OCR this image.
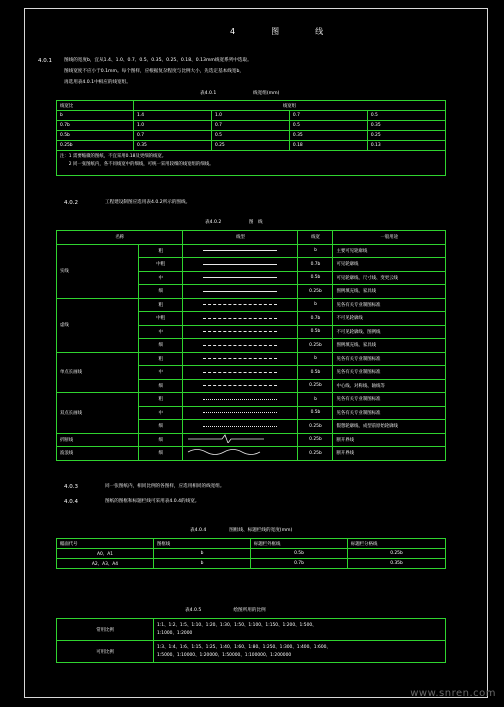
4　图　线
4.0.1	图线的宽度b，宜从1.4、1.0、0.7、0.5、0.35、0.25、0.18、0.13mm线宽系列中选取。
图线宽度不应小于0.1mm。每个图样，应根据复杂程度与比例大小，先选定基本线宽b，
再选用表4.0.1中相应的线宽组。
表4.0.1　　　　　　　　线宽组(mm)
线宽比	线宽组			
b	1.4	1.0	0.7	0.5
0.7b	1.0	0.7	0.5	0.35
0.5b	0.7	0.5	0.35	0.25
0.25b	0.35	0.25	0.18	0.13

注：1 需要缩微的图纸，不宜采用0.18及更细的线宽。
　　2 同一张图纸内，各不同线宽中的细线，可统一采用较细的线宽组的细线。				
4.0.2	工程建设制图应选用表4.0.2所示的图线。
表4.0.2　　　　　　图　线
名称		线型	线宽	一般用途
实线	粗		b	主要可见轮廓线
	中粗		0.7b	可见轮廓线
	中		0.5b	可见轮廓线、尺寸线、变更云线
	细		0.25b	图例填充线、家具线
虚线	粗		b	见各有关专业制图标准
	中粗		0.7b	不可见轮廓线
	中		0.5b	不可见轮廓线、图例线
	细		0.25b	图例填充线、家具线
单点长画线	粗		b	见各有关专业制图标准
	中		0.5b	见各有关专业制图标准
	细		0.25b	中心线、对称线、轴线等
双点长画线	粗		b	见各有关专业制图标准
	中		0.5b	见各有关专业制图标准
	细		0.25b	假想轮廓线、成型前原始轮廓线
折断线	细		0.25b	断开界线
波浪线	细		0.25b	断开界线
4.0.3	同一张图纸内，相同比例的各图样，应选用相同的线宽组。
4.0.4	图纸的图框和标题栏线可采用表4.0.4的线宽。
表4.0.4　　　　　图框线、标题栏线的宽度(mm)
幅面代号	图框线	标题栏外框线	标题栏分格线
A0、A1	b	0.5b	0.25b
A2、A3、A4	b	0.7b	0.35b
表4.0.5　　　　　　　绘图所用的比例
常用比例	1:1、1:2、1:5、1:10、1:20、1:30、1:50、1:100、1:150、1:200、1:500、
1:1000、1:2000

可用比例	1:3、1:4、1:6、1:15、1:25、1:40、1:60、1:80、1:250、1:300、1:400、1:600、
1:5000、1:10000、1:20000、1:50000、1:100000、1:200000
www.snren.com
